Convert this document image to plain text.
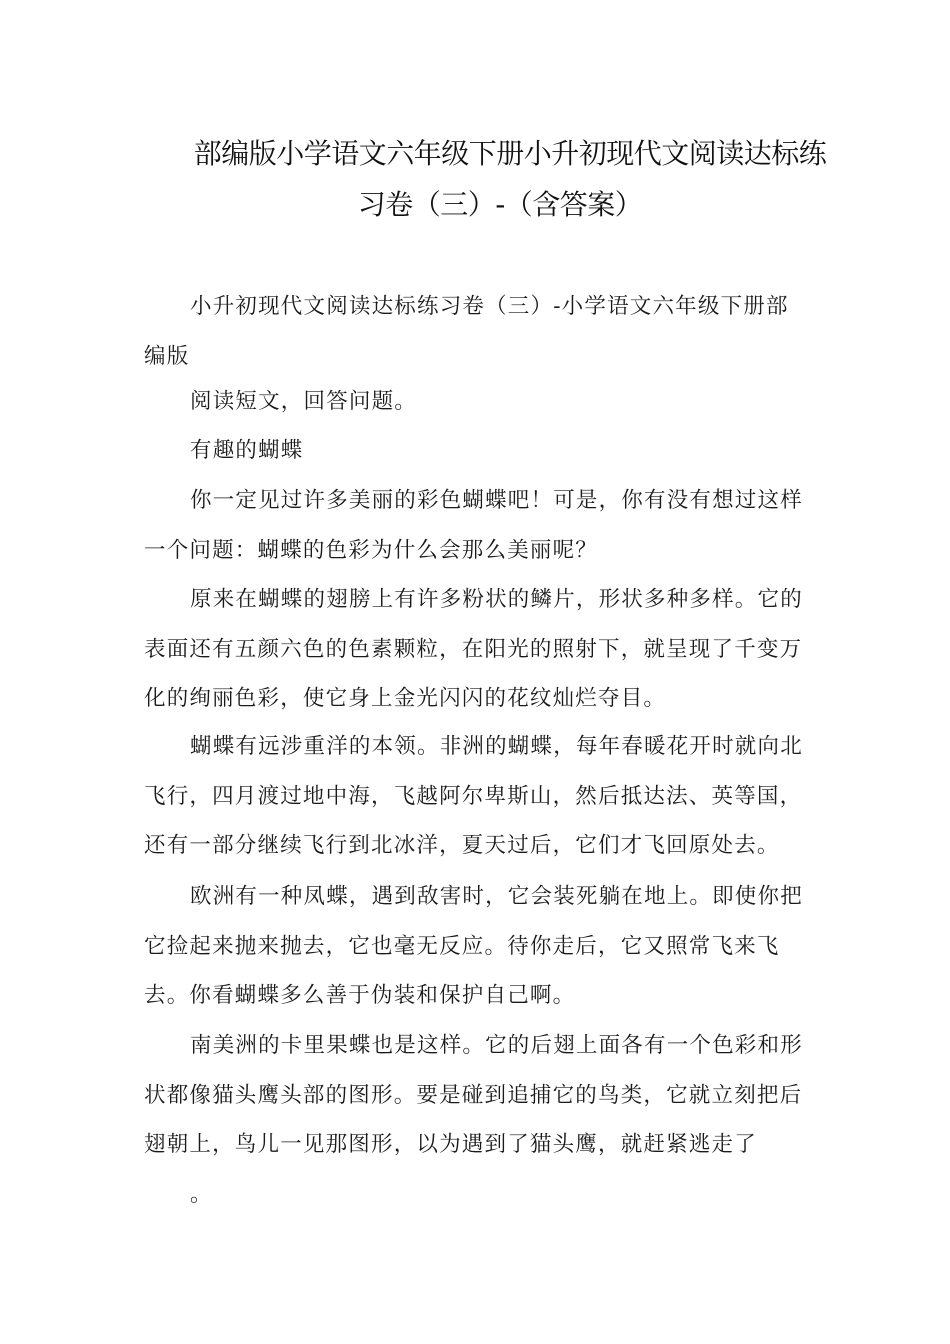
部编版小学语文六年级下册小升初现代文阅读达标练
习卷（三）-（含答案）

小升初现代文阅读达标练习卷（三）-小学语文六年级下册部编版

阅读短文，回答问题。

有趣的蝴蝶

你一定见过许多美丽的彩色蝴蝶吧！可是，你有没有想过这样一个问题：蝴蝶的色彩为什么会那么美丽呢？

原来在蝴蝶的翅膀上有许多粉状的鳞片，形状多种多样。它的表面还有五颜六色的色素颗粒，在阳光的照射下，就呈现了千变万化的绚丽色彩，使它身上金光闪闪的花纹灿烂夺目。

蝴蝶有远涉重洋的本领。非洲的蝴蝶，每年春暖花开时就向北飞行，四月渡过地中海，飞越阿尔卑斯山，然后抵达法、英等国，还有一部分继续飞行到北冰洋，夏天过后，它们才飞回原处去。

欧洲有一种凤蝶，遇到敌害时，它会装死躺在地上。即使你把它捡起来抛来抛去，它也毫无反应。待你走后，它又照常飞来飞去。你看蝴蝶多么善于伪装和保护自己啊。

南美洲的卡里果蝶也是这样。它的后翅上面各有一个色彩和形状都像猫头鹰头部的图形。要是碰到追捕它的鸟类，它就立刻把后翅朝上，鸟儿一见那图形，以为遇到了猫头鹰，就赶紧逃走了

。
